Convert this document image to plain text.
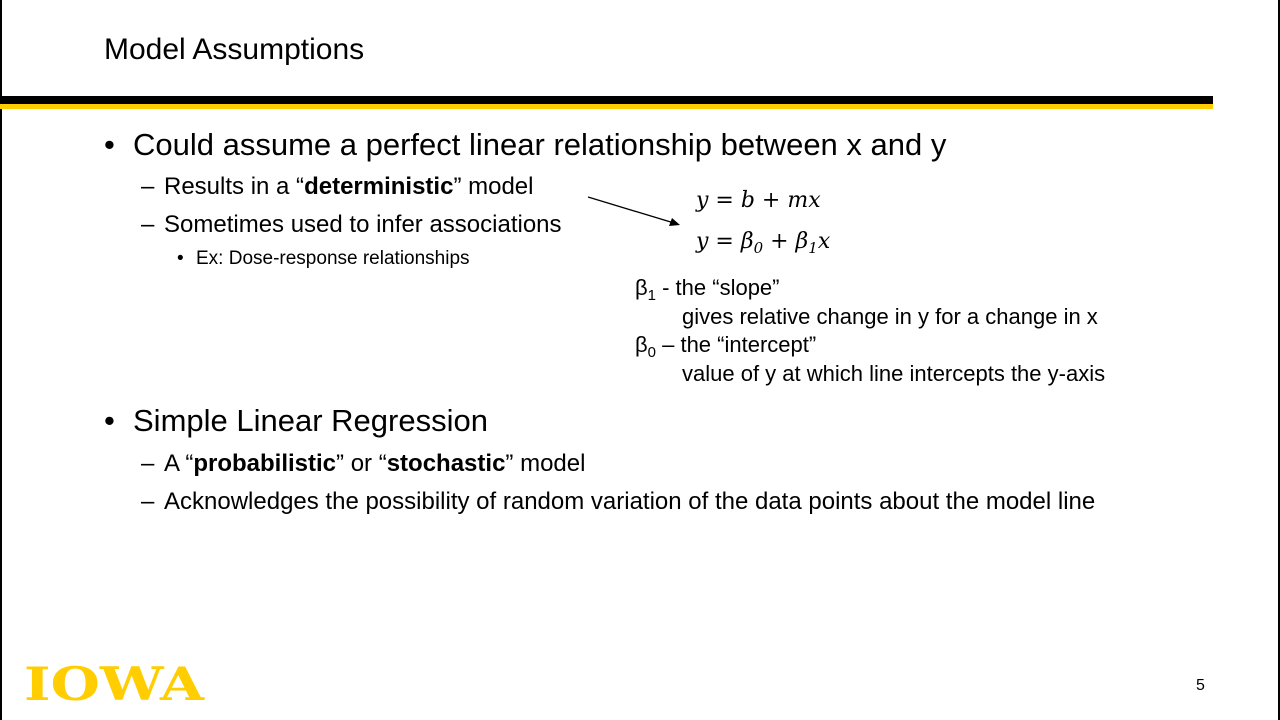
Model Assumptions
• Could assume a perfect linear relationship between x and y
– Results in a “deterministic” model
– Sometimes used to infer associations
• Ex: Dose-response relationships
y = b + mx
$y = \beta_0 + \beta_1x$
$\beta_1$ - the “slope”
gives relative change in y for a change in x
$\beta_0$ – the “intercept”
value of y at which line intercepts the y-axis
• Simple Linear Regression
– A “probabilistic” or “stochastic” model
– Acknowledges the possibility of random variation of the data points about the model line
IOWA	5
